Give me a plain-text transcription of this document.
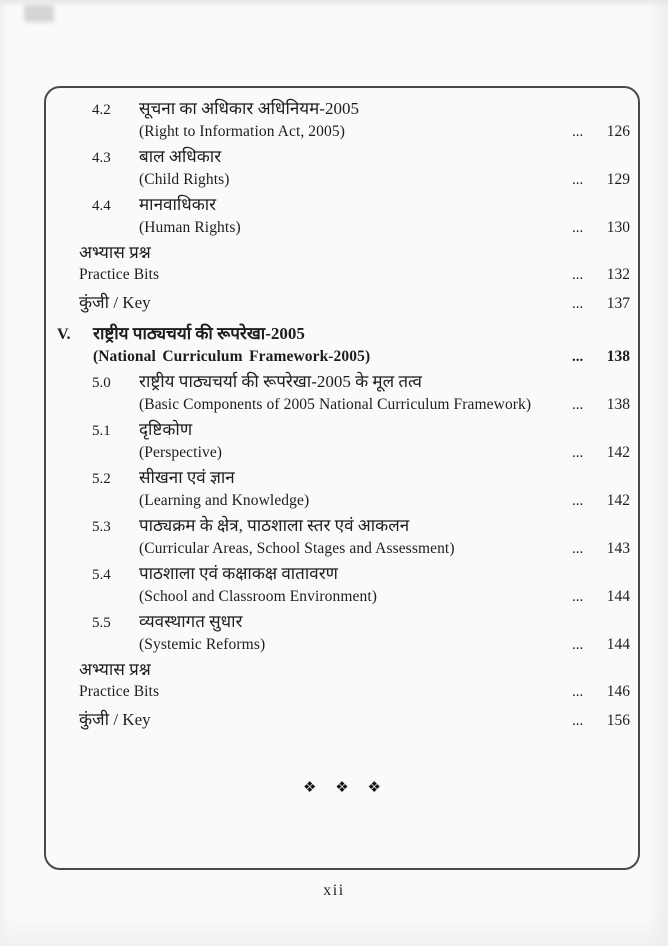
4.2	सूचना का अधिकार अधिनियम-2005
(Right to Information Act, 2005)	...	126
4.3	बाल अधिकार
(Child Rights)	...	129
4.4	मानवाधिकार
(Human Rights)	...	130
अभ्यास प्रश्न
Practice Bits	...	132
कुंजी / Key	...	137
V.	राष्ट्रीय पाठ्यचर्या की रूपरेखा-2005
(National Curriculum Framework-2005)	...	138
5.0	राष्ट्रीय पाठ्यचर्या की रूपरेखा-2005 के मूल तत्व
(Basic Components of 2005 National Curriculum Framework)	...	138
5.1	दृष्टिकोण
(Perspective)	...	142
5.2	सीखना एवं ज्ञान
(Learning and Knowledge)	...	142
5.3	पाठ्यक्रम के क्षेत्र, पाठशाला स्तर एवं आकलन
(Curricular Areas, School Stages and Assessment)	...	143
5.4	पाठशाला एवं कक्षाकक्ष वातावरण
(School and Classroom Environment)	...	144
5.5	व्यवस्थागत सुधार
(Systemic Reforms)	...	144
अभ्यास प्रश्न
Practice Bits	...	146
कुंजी / Key	...	156
❖ ❖ ❖
xii
